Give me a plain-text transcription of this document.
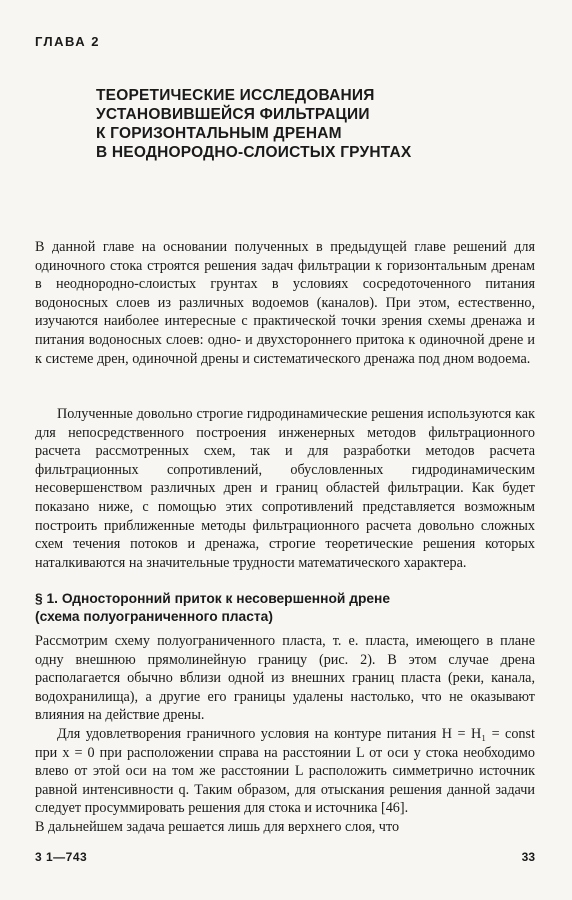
ГЛАВА 2
ТЕОРЕТИЧЕСКИЕ ИССЛЕДОВАНИЯ
УСТАНОВИВШЕЙСЯ ФИЛЬТРАЦИИ
К ГОРИЗОНТАЛЬНЫМ ДРЕНАМ
В НЕОДНОРОДНО-СЛОИСТЫХ ГРУНТАХ

В данной главе на основании полученных в предыдущей главе решений для одиночного стока строятся решения задач фильтрации к горизонтальным дренам в неоднородно-слоистых грунтах в условиях сосредоточенного питания водоносных слоев из различных водоемов (каналов). При этом, естественно, изучаются наиболее интересные с практической точки зрения схемы дренажа и питания водоносных слоев: одно- и двухстороннего притока к одиночной дрене и к системе дрен, одиночной дрены и систематического дренажа под дном водоема.

Полученные довольно строгие гидродинамические решения используются как для непосредственного построения инженерных методов фильтрационного расчета рассмотренных схем, так и для разработки методов расчета фильтрационных сопротивлений, обусловленных гидродинамическим несовершенством различных дрен и границ областей фильтрации. Как будет показано ниже, с помощью этих сопротивлений представляется возможным построить приближенные методы фильтрационного расчета довольно сложных схем течения потоков и дренажа, строгие теоретические решения которых наталкиваются на значительные трудности математического характера.

§ 1. Односторонний приток к несовершенной дрене
(схема полуограниченного пласта)

Рассмотрим схему полуограниченного пласта, т. е. пласта, имеющего в плане одну внешнюю прямолинейную границу (рис. 2). В этом случае дрена располагается обычно вблизи одной из внешних границ пласта (реки, канала, водохранилища), а другие его границы удалены настолько, что не оказывают влияния на действие дрены.

Для удовлетворения граничного условия на контуре питания H = H₁ = const при x = 0 при расположении справа на расстоянии L от оси y стока необходимо влево от этой оси на том же расстоянии L расположить симметрично источник равной интенсивности q. Таким образом, для отыскания решения данной задачи следует просуммировать решения для стока и источника [46].

В дальнейшем задача решается лишь для верхнего слоя, что

3 1—743	33
